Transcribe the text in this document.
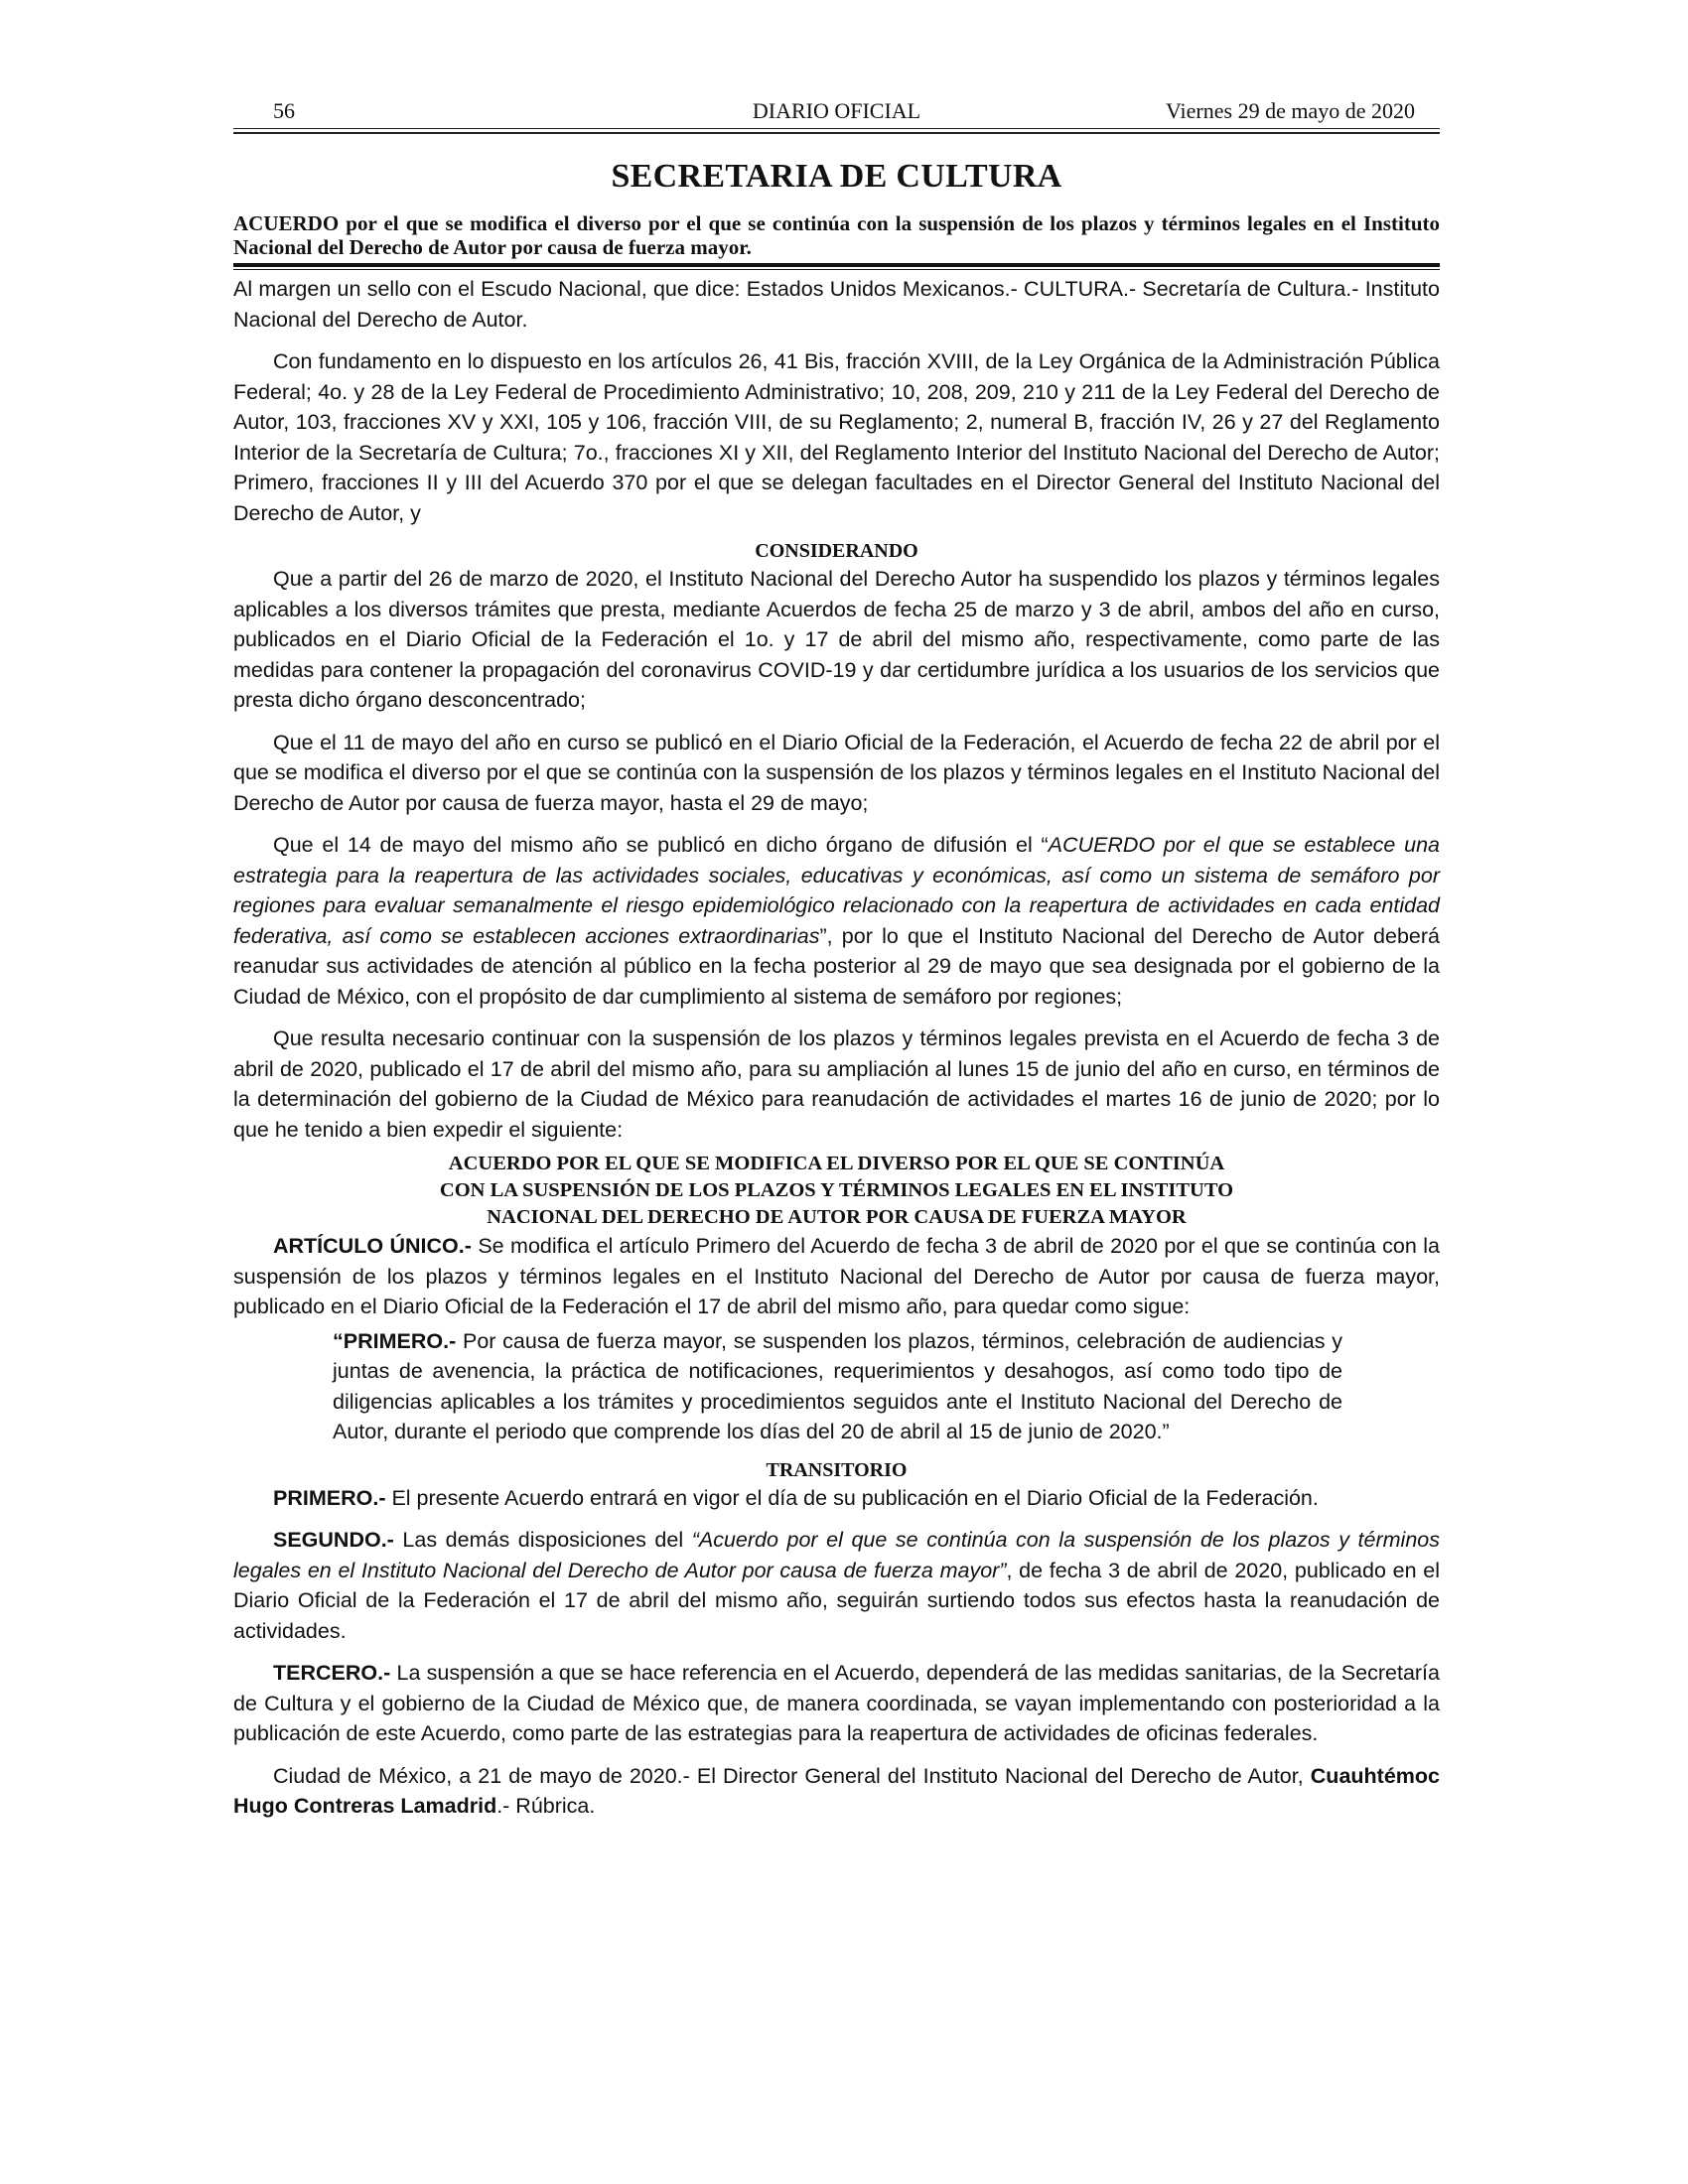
56	DIARIO OFICIAL	Viernes 29 de mayo de 2020
SECRETARIA DE CULTURA
ACUERDO por el que se modifica el diverso por el que se continúa con la suspensión de los plazos y términos legales en el Instituto Nacional del Derecho de Autor por causa de fuerza mayor.

Al margen un sello con el Escudo Nacional, que dice: Estados Unidos Mexicanos.- CULTURA.- Secretaría de Cultura.- Instituto Nacional del Derecho de Autor.

Con fundamento en lo dispuesto en los artículos 26, 41 Bis, fracción XVIII, de la Ley Orgánica de la Administración Pública Federal; 4o. y 28 de la Ley Federal de Procedimiento Administrativo; 10, 208, 209, 210 y 211 de la Ley Federal del Derecho de Autor, 103, fracciones XV y XXI, 105 y 106, fracción VIII, de su Reglamento; 2, numeral B, fracción IV, 26 y 27 del Reglamento Interior de la Secretaría de Cultura; 7o., fracciones XI y XII, del Reglamento Interior del Instituto Nacional del Derecho de Autor; Primero, fracciones II y III del Acuerdo 370 por el que se delegan facultades en el Director General del Instituto Nacional del Derecho de Autor, y

CONSIDERANDO

Que a partir del 26 de marzo de 2020, el Instituto Nacional del Derecho Autor ha suspendido los plazos y términos legales aplicables a los diversos trámites que presta, mediante Acuerdos de fecha 25 de marzo y 3 de abril, ambos del año en curso, publicados en el Diario Oficial de la Federación el 1o. y 17 de abril del mismo año, respectivamente, como parte de las medidas para contener la propagación del coronavirus COVID-19 y dar certidumbre jurídica a los usuarios de los servicios que presta dicho órgano desconcentrado;

Que el 11 de mayo del año en curso se publicó en el Diario Oficial de la Federación, el Acuerdo de fecha 22 de abril por el que se modifica el diverso por el que se continúa con la suspensión de los plazos y términos legales en el Instituto Nacional del Derecho de Autor por causa de fuerza mayor, hasta el 29 de mayo;

Que el 14 de mayo del mismo año se publicó en dicho órgano de difusión el “ACUERDO por el que se establece una estrategia para la reapertura de las actividades sociales, educativas y económicas, así como un sistema de semáforo por regiones para evaluar semanalmente el riesgo epidemiológico relacionado con la reapertura de actividades en cada entidad federativa, así como se establecen acciones extraordinarias”, por lo que el Instituto Nacional del Derecho de Autor deberá reanudar sus actividades de atención al público en la fecha posterior al 29 de mayo que sea designada por el gobierno de la Ciudad de México, con el propósito de dar cumplimiento al sistema de semáforo por regiones;

Que resulta necesario continuar con la suspensión de los plazos y términos legales prevista en el Acuerdo de fecha 3 de abril de 2020, publicado el 17 de abril del mismo año, para su ampliación al lunes 15 de junio del año en curso, en términos de la determinación del gobierno de la Ciudad de México para reanudación de actividades el martes 16 de junio de 2020; por lo que he tenido a bien expedir el siguiente:

ACUERDO POR EL QUE SE MODIFICA EL DIVERSO POR EL QUE SE CONTINÚA
CON LA SUSPENSIÓN DE LOS PLAZOS Y TÉRMINOS LEGALES EN EL INSTITUTO
NACIONAL DEL DERECHO DE AUTOR POR CAUSA DE FUERZA MAYOR

ARTÍCULO ÚNICO.- Se modifica el artículo Primero del Acuerdo de fecha 3 de abril de 2020 por el que se continúa con la suspensión de los plazos y términos legales en el Instituto Nacional del Derecho de Autor por causa de fuerza mayor, publicado en el Diario Oficial de la Federación el 17 de abril del mismo año, para quedar como sigue:

“PRIMERO.- Por causa de fuerza mayor, se suspenden los plazos, términos, celebración de audiencias y juntas de avenencia, la práctica de notificaciones, requerimientos y desahogos, así como todo tipo de diligencias aplicables a los trámites y procedimientos seguidos ante el Instituto Nacional del Derecho de Autor, durante el periodo que comprende los días del 20 de abril al 15 de junio de 2020.”

TRANSITORIO

PRIMERO.- El presente Acuerdo entrará en vigor el día de su publicación en el Diario Oficial de la Federación.

SEGUNDO.- Las demás disposiciones del “Acuerdo por el que se continúa con la suspensión de los plazos y términos legales en el Instituto Nacional del Derecho de Autor por causa de fuerza mayor”, de fecha 3 de abril de 2020, publicado en el Diario Oficial de la Federación el 17 de abril del mismo año, seguirán surtiendo todos sus efectos hasta la reanudación de actividades.

TERCERO.- La suspensión a que se hace referencia en el Acuerdo, dependerá de las medidas sanitarias, de la Secretaría de Cultura y el gobierno de la Ciudad de México que, de manera coordinada, se vayan implementando con posterioridad a la publicación de este Acuerdo, como parte de las estrategias para la reapertura de actividades de oficinas federales.

Ciudad de México, a 21 de mayo de 2020.- El Director General del Instituto Nacional del Derecho de Autor, Cuauhtémoc Hugo Contreras Lamadrid.- Rúbrica.
